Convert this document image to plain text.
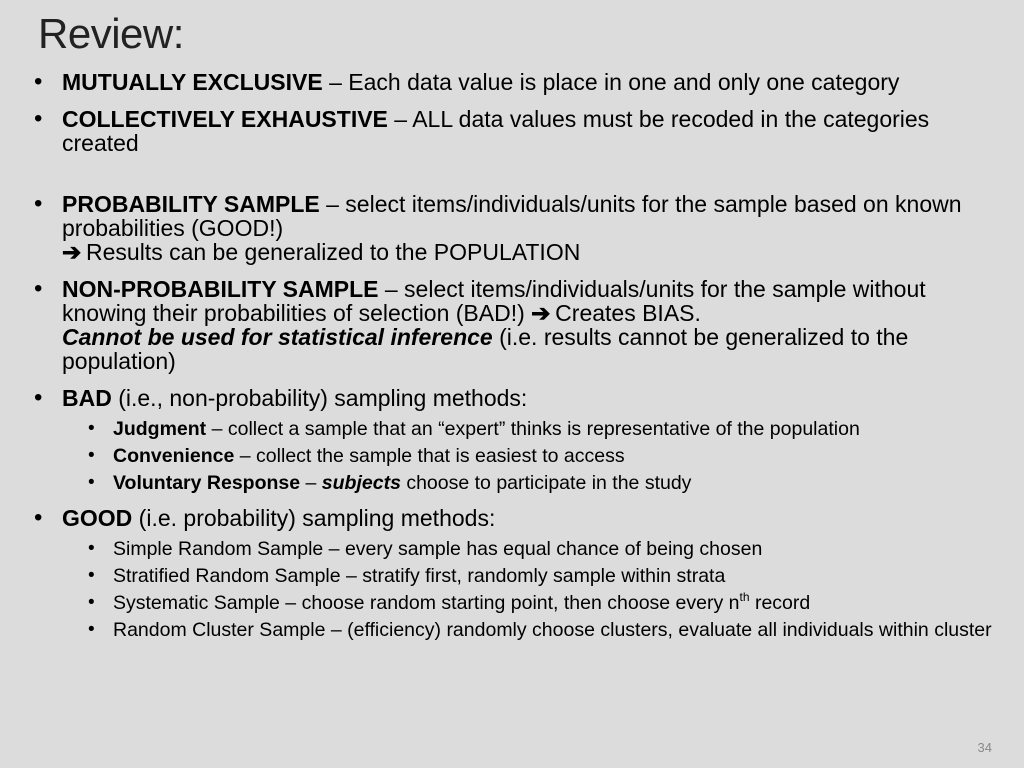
Review:
• MUTUALLY EXCLUSIVE – Each data value is place in one and only one category
• COLLECTIVELY EXHAUSTIVE – ALL data values must be recoded in the categories created
• PROBABILITY SAMPLE – select items/individuals/units for the sample based on known probabilities (GOOD!)
➔ Results can be generalized to the POPULATION
• NON-PROBABILITY SAMPLE – select items/individuals/units for the sample without knowing their probabilities of selection (BAD!) ➔ Creates BIAS.
Cannot be used for statistical inference (i.e. results cannot be generalized to the population)
• BAD (i.e., non-probability) sampling methods:
• Judgment – collect a sample that an “expert” thinks is representative of the population
• Convenience – collect the sample that is easiest to access
• Voluntary Response – subjects choose to participate in the study
• GOOD (i.e. probability) sampling methods:
• Simple Random Sample – every sample has equal chance of being chosen
• Stratified Random Sample – stratify first, randomly sample within strata
• Systematic Sample – choose random starting point, then choose every $n^{th}$ record
• Random Cluster Sample – (efficiency) randomly choose clusters, evaluate all individuals within cluster
34
